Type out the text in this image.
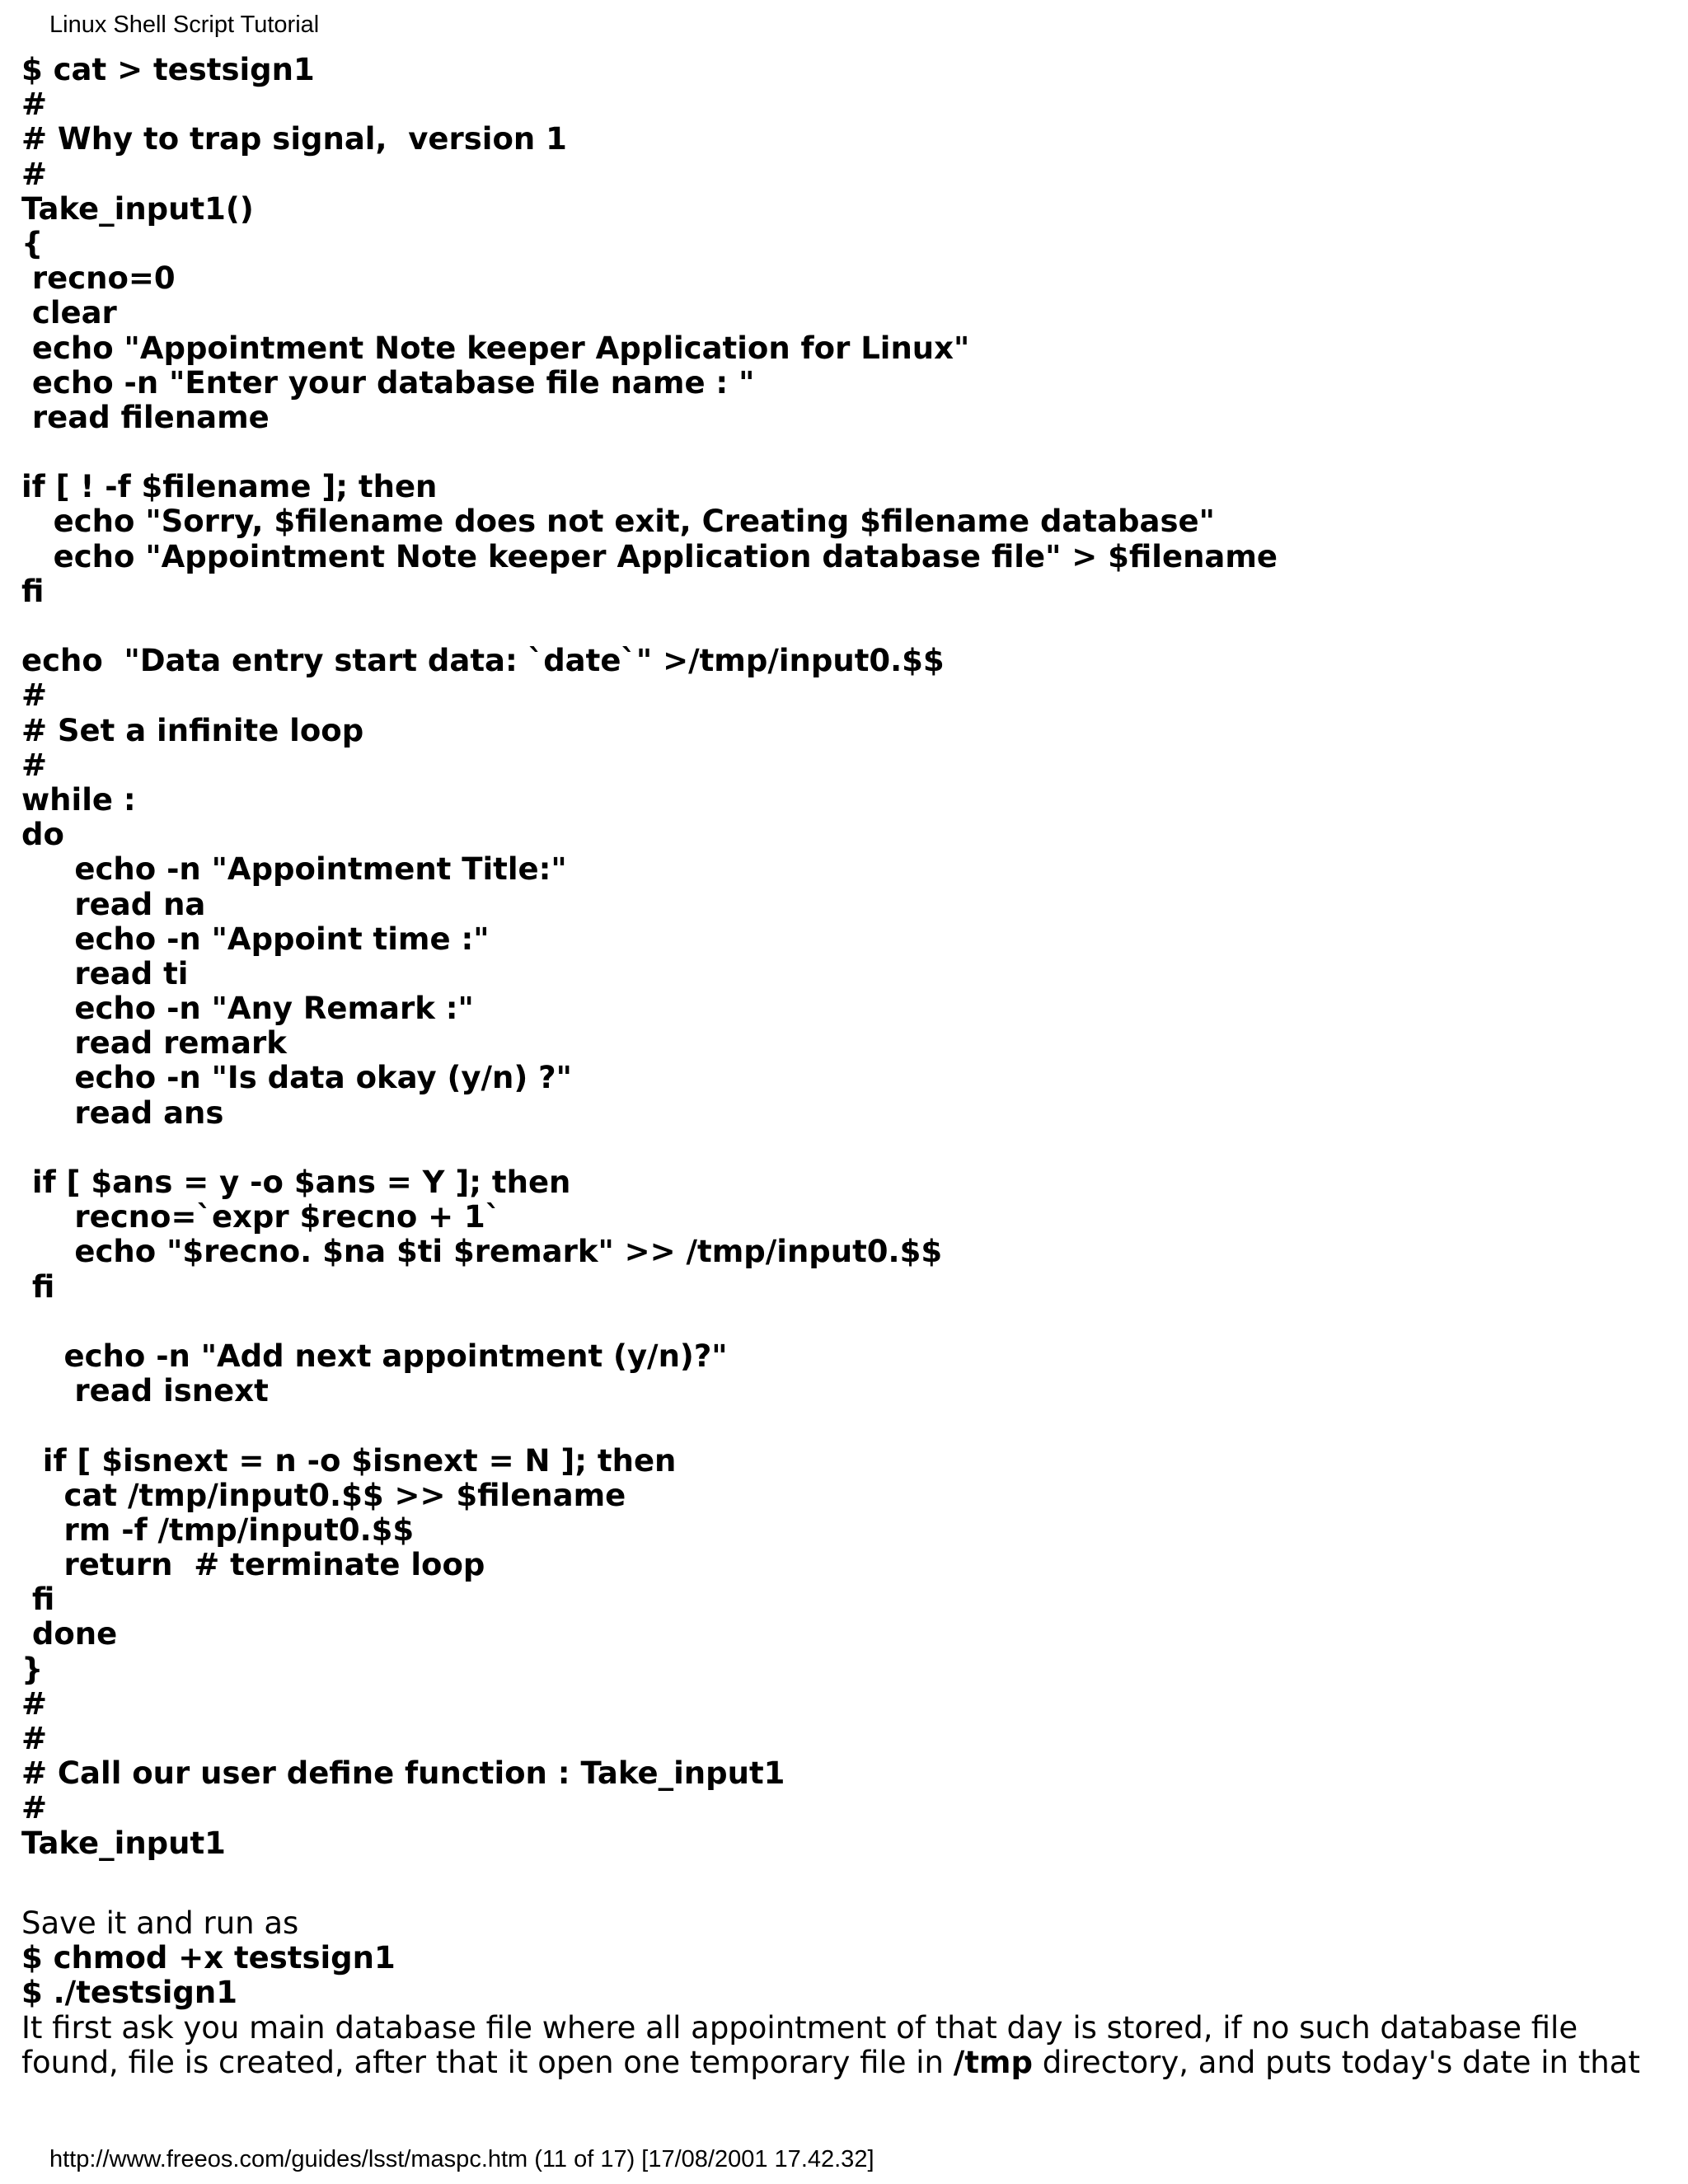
Linux Shell Script Tutorial
$ cat > testsign1
#
# Why to trap signal,  version 1
#
Take_input1()
{
recno=0
clear
echo "Appointment Note keeper Application for Linux"
echo -n "Enter your database file name : "
read filename
if [ ! -f $filename ]; then
echo "Sorry, $filename does not exit, Creating $filename database"
echo "Appointment Note keeper Application database file" > $filename
fi
echo  "Data entry start data: `date`" >/tmp/input0.$$
#
# Set a infinite loop
#
while :
do
echo -n "Appointment Title:"
read na
echo -n "Appoint time :"
read ti
echo -n "Any Remark :"
read remark
echo -n "Is data okay (y/n) ?"
read ans
if [ $ans = y -o $ans = Y ]; then
recno=`expr $recno + 1`
echo "$recno. $na $ti $remark" >> /tmp/input0.$$
fi
echo -n "Add next appointment (y/n)?"
read isnext
if [ $isnext = n -o $isnext = N ]; then
cat /tmp/input0.$$ >> $filename
rm -f /tmp/input0.$$
return  # terminate loop
fi
done
}
#
#
# Call our user define function : Take_input1
#
Take_input1
Save it and run as
$ chmod +x testsign1
$ ./testsign1
It first ask you main database file where all appointment of that day is stored, if no such database file
found, file is created, after that it open one temporary file in /tmp directory, and puts today's date in that
http://www.freeos.com/guides/lsst/maspc.htm (11 of 17) [17/08/2001 17.42.32]
